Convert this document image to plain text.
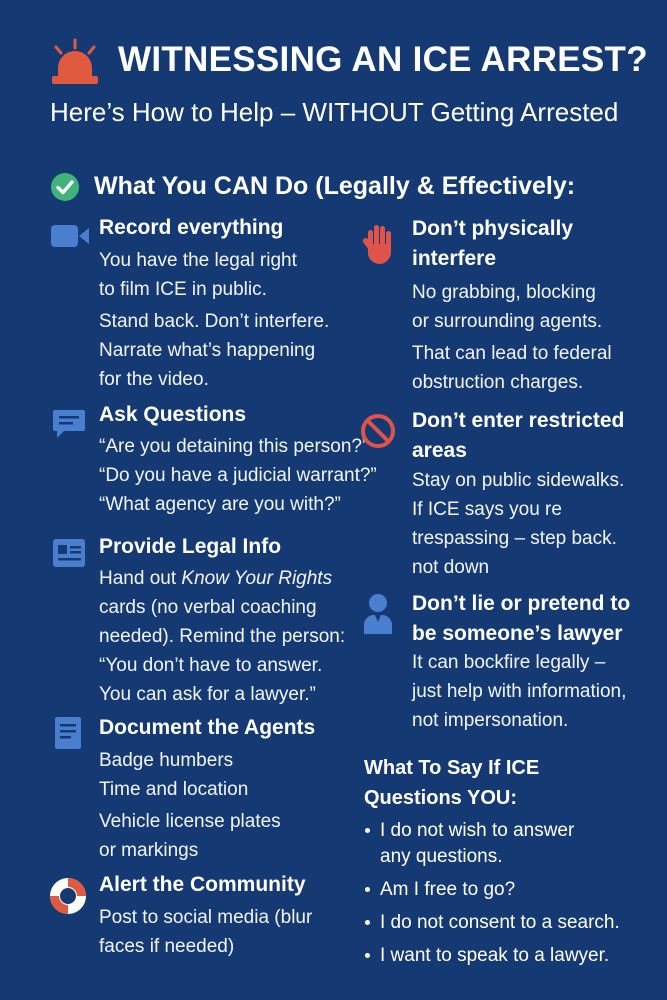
WITNESSING AN ICE ARREST?
Here’s How to Help – WITHOUT Getting Arrested
What You CAN Do (Legally & Effectively:
Record everything

You have the legal right

to film ICE in public.

Stand back. Don’t interfere.

Narrate what’s happening

for the video.

Ask Questions

“Are you detaining this person?”

“Do you have a judicial warrant?”

“What agency are you with?”

Provide Legal Info

Hand out Know Your Rights

cards (no verbal coaching

needed). Remind the person:

“You don’t have to answer.

You can ask for a lawyer.”

Document the Agents

Badge humbers

Time and location

Vehicle license plates

or markings

Alert the Community

Post to social media (blur

faces if needed)

Don’t physically
interfere

No grabbing, blocking

or surrounding agents.

That can lead to federal

obstruction charges.

Don’t enter restricted
areas

Stay on public sidewalks.

If ICE says you re

trespassing – step back.

not down

Don’t lie or pretend to
be someone’s lawyer

It can bockfire legally –

just help with information,

not impersonation.

What To Say If ICE
Questions YOU:
I do not wish to answer
any questions.
Am I free to go?
I do not consent to a search.
I want to speak to a lawyer.
